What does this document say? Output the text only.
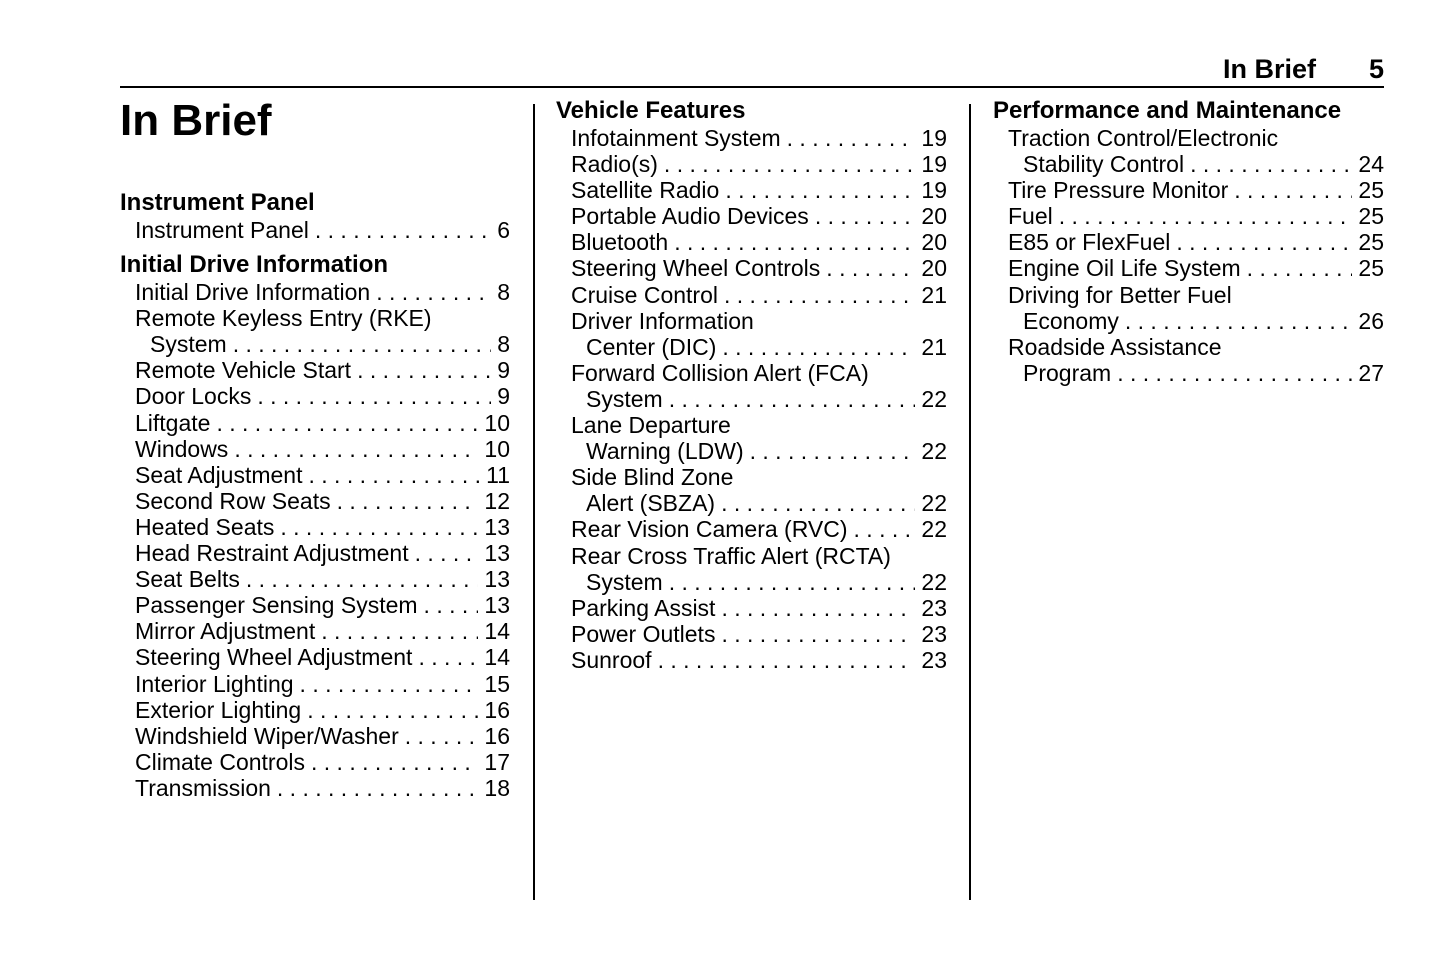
In Brief 5
In Brief
Instrument Panel
Instrument Panel . . .	6
Initial Drive Information
Initial Drive Information . . .	8
Remote Keyless Entry (RKE)
System . . .	8
Remote Vehicle Start . . .	9
Door Locks . . .	9
Liftgate . . .	10
Windows . . .	10
Seat Adjustment . . .	11
Second Row Seats . . .	12
Heated Seats . . .	13
Head Restraint Adjustment . . .	13
Seat Belts . . .	13
Passenger Sensing System . . .	13
Mirror Adjustment . . .	14
Steering Wheel Adjustment . . .	14
Interior Lighting . . .	15
Exterior Lighting . . .	16
Windshield Wiper/Washer . . .	16
Climate Controls . . .	17
Transmission . . .	18
Vehicle Features
Infotainment System . . .	19
Radio(s) . . .	19
Satellite Radio . . .	19
Portable Audio Devices . . .	20
Bluetooth . . .	20
Steering Wheel Controls . . .	20
Cruise Control . . .	21
Driver Information
Center (DIC) . . .	21
Forward Collision Alert (FCA)
System . . .	22
Lane Departure
Warning (LDW) . . .	22
Side Blind Zone
Alert (SBZA) . . .	22
Rear Vision Camera (RVC) . . .	22
Rear Cross Traffic Alert (RCTA)
System . . .	22
Parking Assist . . .	23
Power Outlets . . .	23
Sunroof . . .	23
Performance and Maintenance
Traction Control/Electronic
Stability Control . . .	24
Tire Pressure Monitor . . .	25
Fuel . . .	25
E85 or FlexFuel . . .	25
Engine Oil Life System . . .	25
Driving for Better Fuel
Economy . . .	26
Roadside Assistance
Program . . .	27
